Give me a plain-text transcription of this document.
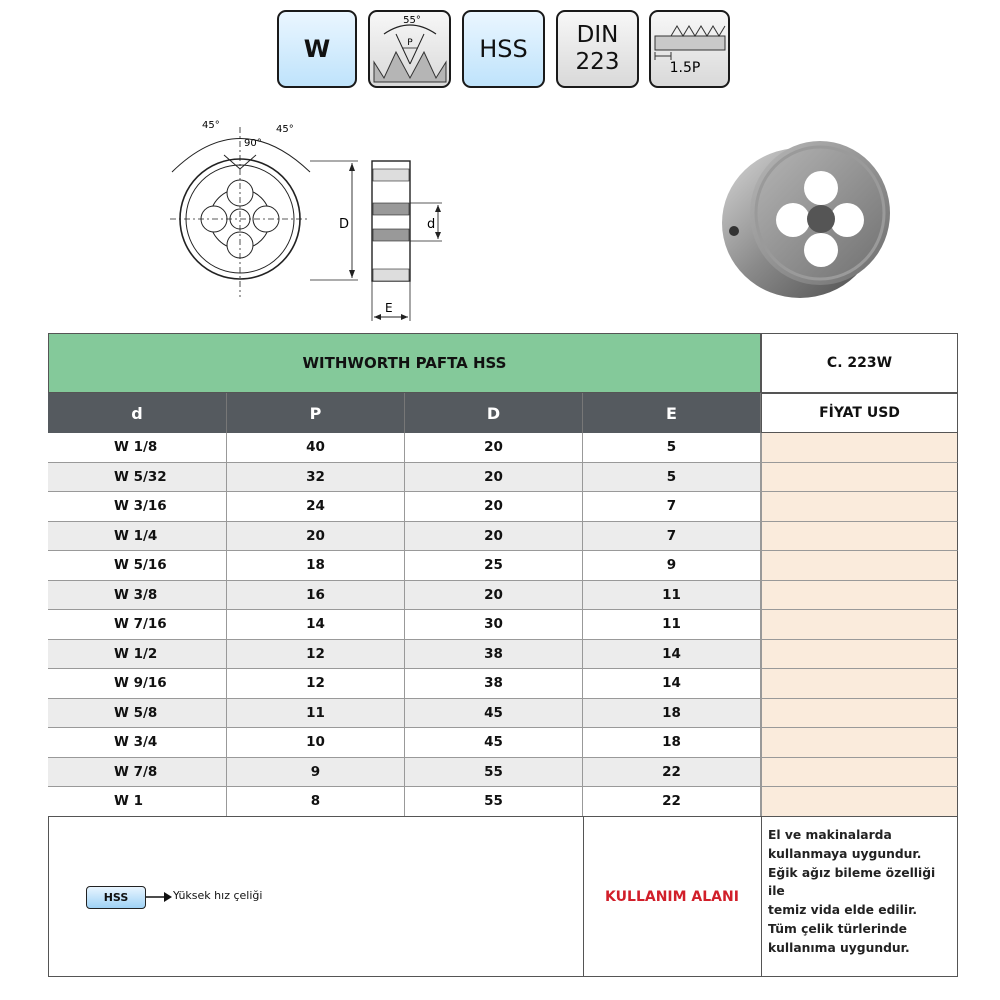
W
55°
P	HSS DIN
223	1.5P
45°	45°
90°
D	d
E
WITHWORTH PAFTA HSS	C. 223W
d	P	D	E	FİYAT USD
W 1/8	40	20	5
W 5/32	32	20	5
W 3/16	24	20	7
W 1/4	20	20	7
W 5/16	18	25	9
W 3/8	16	20	11
W 7/16	14	30	11
W 1/2	12	38	14
W 9/16	12	38	14
W 5/8	11	45	18
W 3/4	10	45	18
W 7/8	9	55	22
W 1	8	55	22
HSS	Yüksek hız çeliği	KULLANIM ALANI
El ve makinalarda
kullanmaya uygundur.
Eğik ağız bileme özelliği ile
temiz vida elde edilir.
Tüm çelik türlerinde
kullanıma uygundur.
